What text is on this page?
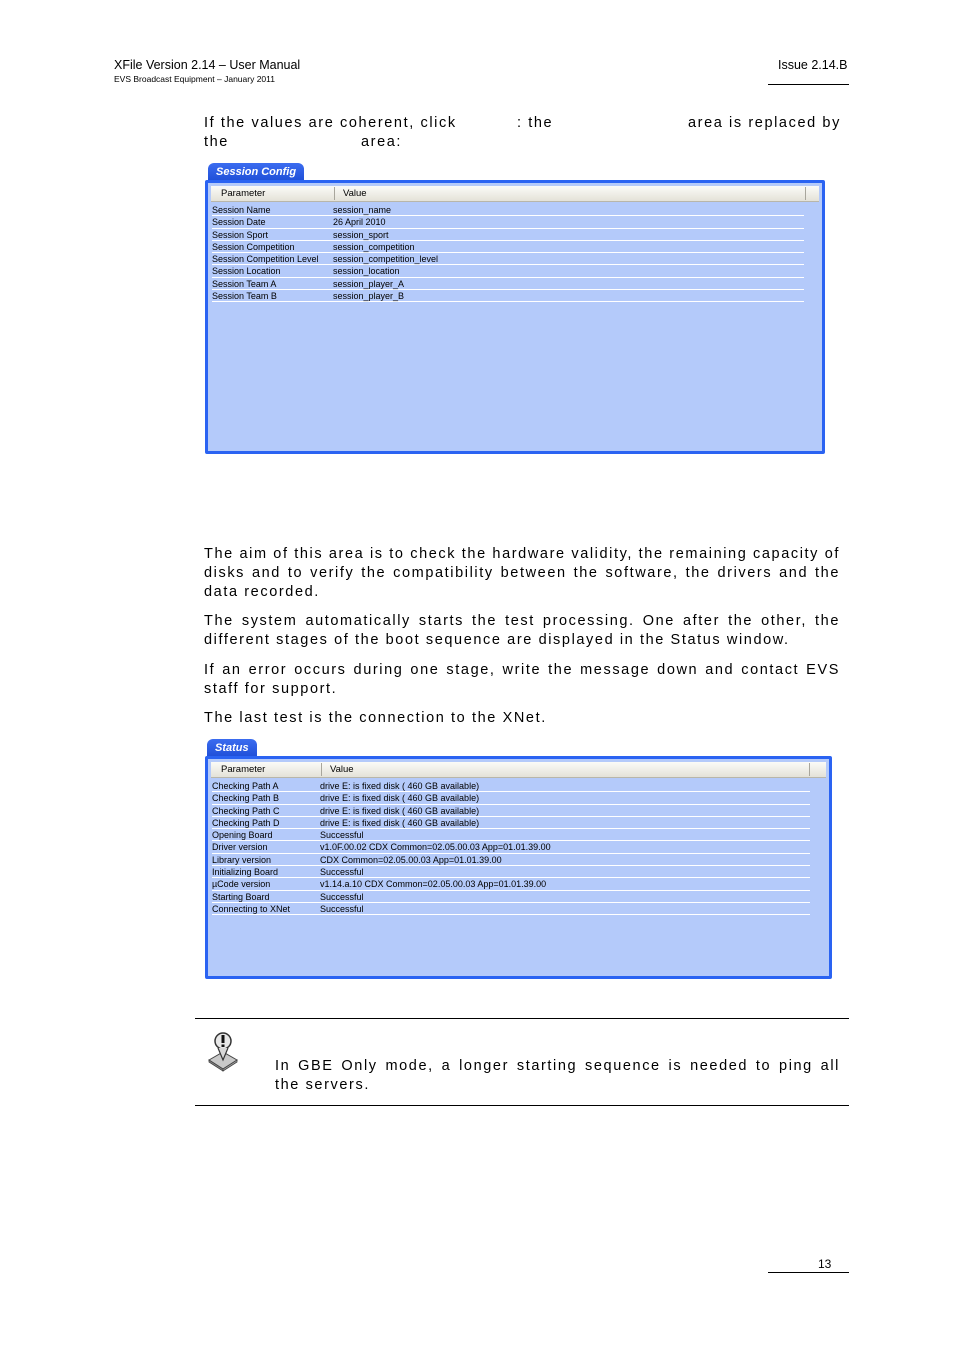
XFile Version 2.14 – User Manual
EVS Broadcast Equipment – January 2011
Issue 2.14.B
If the values are coherent, click	: the	area is replaced by
the	area:
Session Config
Parameter	Value
Session Name	session_name
Session Date	26 April 2010
Session Sport	session_sport
Session Competition	session_competition
Session Competition Level session_competition_level
Session Location	session_location
Session Team A	session_player_A
Session Team B	session_player_B
The aim of this area is to check the hardware validity, the remaining capacity of disks and to verify the compatibility between the software, the drivers and the data recorded.
The system automatically starts the test processing. One after the other, the different stages of the boot sequence are displayed in the Status window.
If an error occurs during one stage, write the message down and contact EVS staff for support.
The last test is the connection to the XNet.
Status
Parameter	Value
Checking Path A	drive E: is fixed disk ( 460 GB available)
Checking Path B	drive E: is fixed disk ( 460 GB available)
Checking Path C	drive E: is fixed disk ( 460 GB available)
Checking Path D	drive E: is fixed disk ( 460 GB available)
Opening Board	Successful
Driver version	v1.0F.00.02 CDX Common=02.05.00.03 App=01.01.39.00
Library version	CDX Common=02.05.00.03 App=01.01.39.00
Initializing Board	Successful
µCode version	v1.14.a.10 CDX Common=02.05.00.03 App=01.01.39.00
Starting Board	Successful
Connecting to XNet	Successful
In GBE Only mode, a longer starting sequence is needed to ping all the servers.
13
